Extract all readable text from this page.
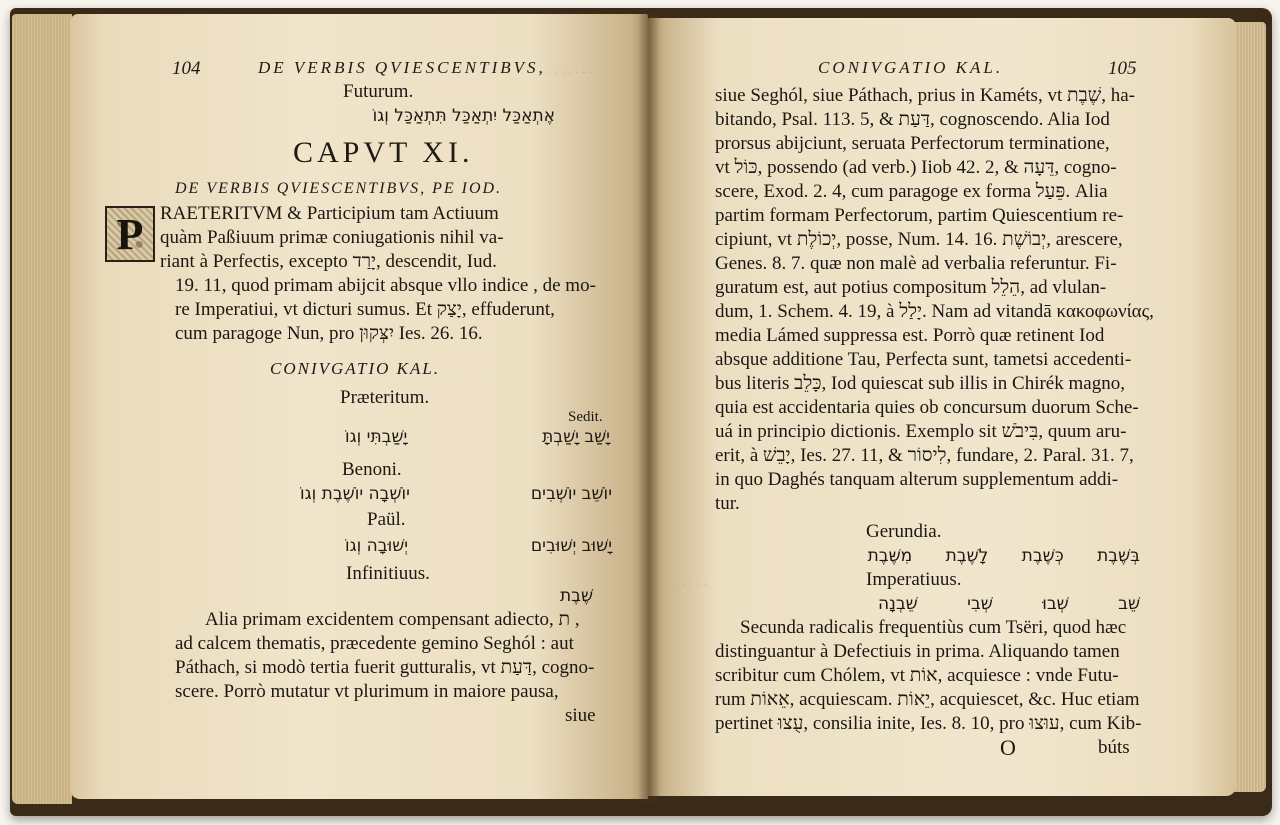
· · · · · · · ·
· · · · · ·
104	DE VERBIS QVIESCENTIBVS,
Futurum.
אֶתְאַכַּל יִתְאַכַּל תִּתְאַכַּל וְגוֹ
CAPVT XI.
DE VERBIS QVIESCENTIBVS, PE IOD.
P RAETERITVM & Participium tam Actiuum
quàm Paßiuum primæ coniugationis nihil va-
riant à Perfectis, excepto יָרַד, descendit, Iud.
19. 11, quod primam abijcit absque vllo indice , de mo-
re Imperatiui, vt dicturi sumus. Et יָצַק, effuderunt,
cum paragoge Nun, pro יִצְּקוּן Ies. 26. 16.
CONIVGATIO KAL.
Præteritum.
Sedit.
יָשַׁבְתִּי וְגוֹ	יָשַׁב יָשַׁבְתָּ
Benoni.
יוֹשְׁבָה יוֹשֶׁבֶת וְגוֹ	יוֹשֵׁב יוֹשְׁבִים
Paül.
יְשׁוּבָה וְגוֹ	יָשׁוּב יְשׁוּבִים
Infinitiuus.
שֶׁבֶת
Alia primam excidentem compensant adiecto, ת ,
ad calcem thematis, præcedente gemino Seghól : aut
Páthach, si modò tertia fuerit gutturalis, vt דַּעַת, cogno-
scere. Porrò mutatur vt plurimum in maiore pausa,
siue
CONIVGATIO KAL.	105
siue Seghól, siue Páthach, prius in Kaméts, vt שֶׁבֶת, ha-
bitando, Psal. 113. 5, & דַּעַת, cognoscendo. Alia Iod
prorsus abijciunt, seruata Perfectorum terminatione,
vt כּוֹל, possendo (ad verb.) Iiob 42. 2, & דֵּעָה, cogno-
scere, Exod. 2. 4, cum paragoge ex forma פֵּעַל. Alia
partim formam Perfectorum, partim Quiescentium re-
cipiunt, vt יְכוֹלֶת, posse, Num. 14. 16. יְבוֹשֶׁת, arescere,
Genes. 8. 7. quæ non malè ad verbalia referuntur. Fi-
guratum est, aut potius compositum הֵלֵל, ad vlulan-
dum, 1. Schem. 4. 19, à יָלַל. Nam ad vitandā κακοφωνίας,
media Lámed suppressa est. Porrò quæ retinent Iod
absque additione Tau, Perfecta sunt, tametsi accedenti-
bus literis כָּלֵב, Iod quiescat sub illis in Chirék magno,
quia est accidentaria quies ob concursum duorum Sche-
uá in principio dictionis. Exemplo sit בִּיבֹשׁ, quum aru-
erit, à יָבֵשׁ, Ies. 27. 11, & לִיסוֹר, fundare, 2. Paral. 31. 7,
in quo Daghés tanquam alterum supplementum addi-
tur.
Gerundia.
בְּשֶׁבֶת כְּשֶׁבֶת לָשֶׁבֶת מִשֶּׁבֶת
Imperatiuus.
שֵׁב שְׁבוּ שְׁבִי שֵׁבְנָה
Secunda radicalis frequentiùs cum Tsëri, quod hæc
distinguantur à Defectiuis in prima. Aliquando tamen
scribitur cum Chólem, vt אוֹת, acquiesce : vnde Futu-
rum אֵאוֹת, acquiescam. יֵאוֹת, acquiescet, &c. Huc etiam
pertinet עֻצוּ, consilia inite, Ies. 8. 10, pro עוּצוּ, cum Kib-
O	búts
